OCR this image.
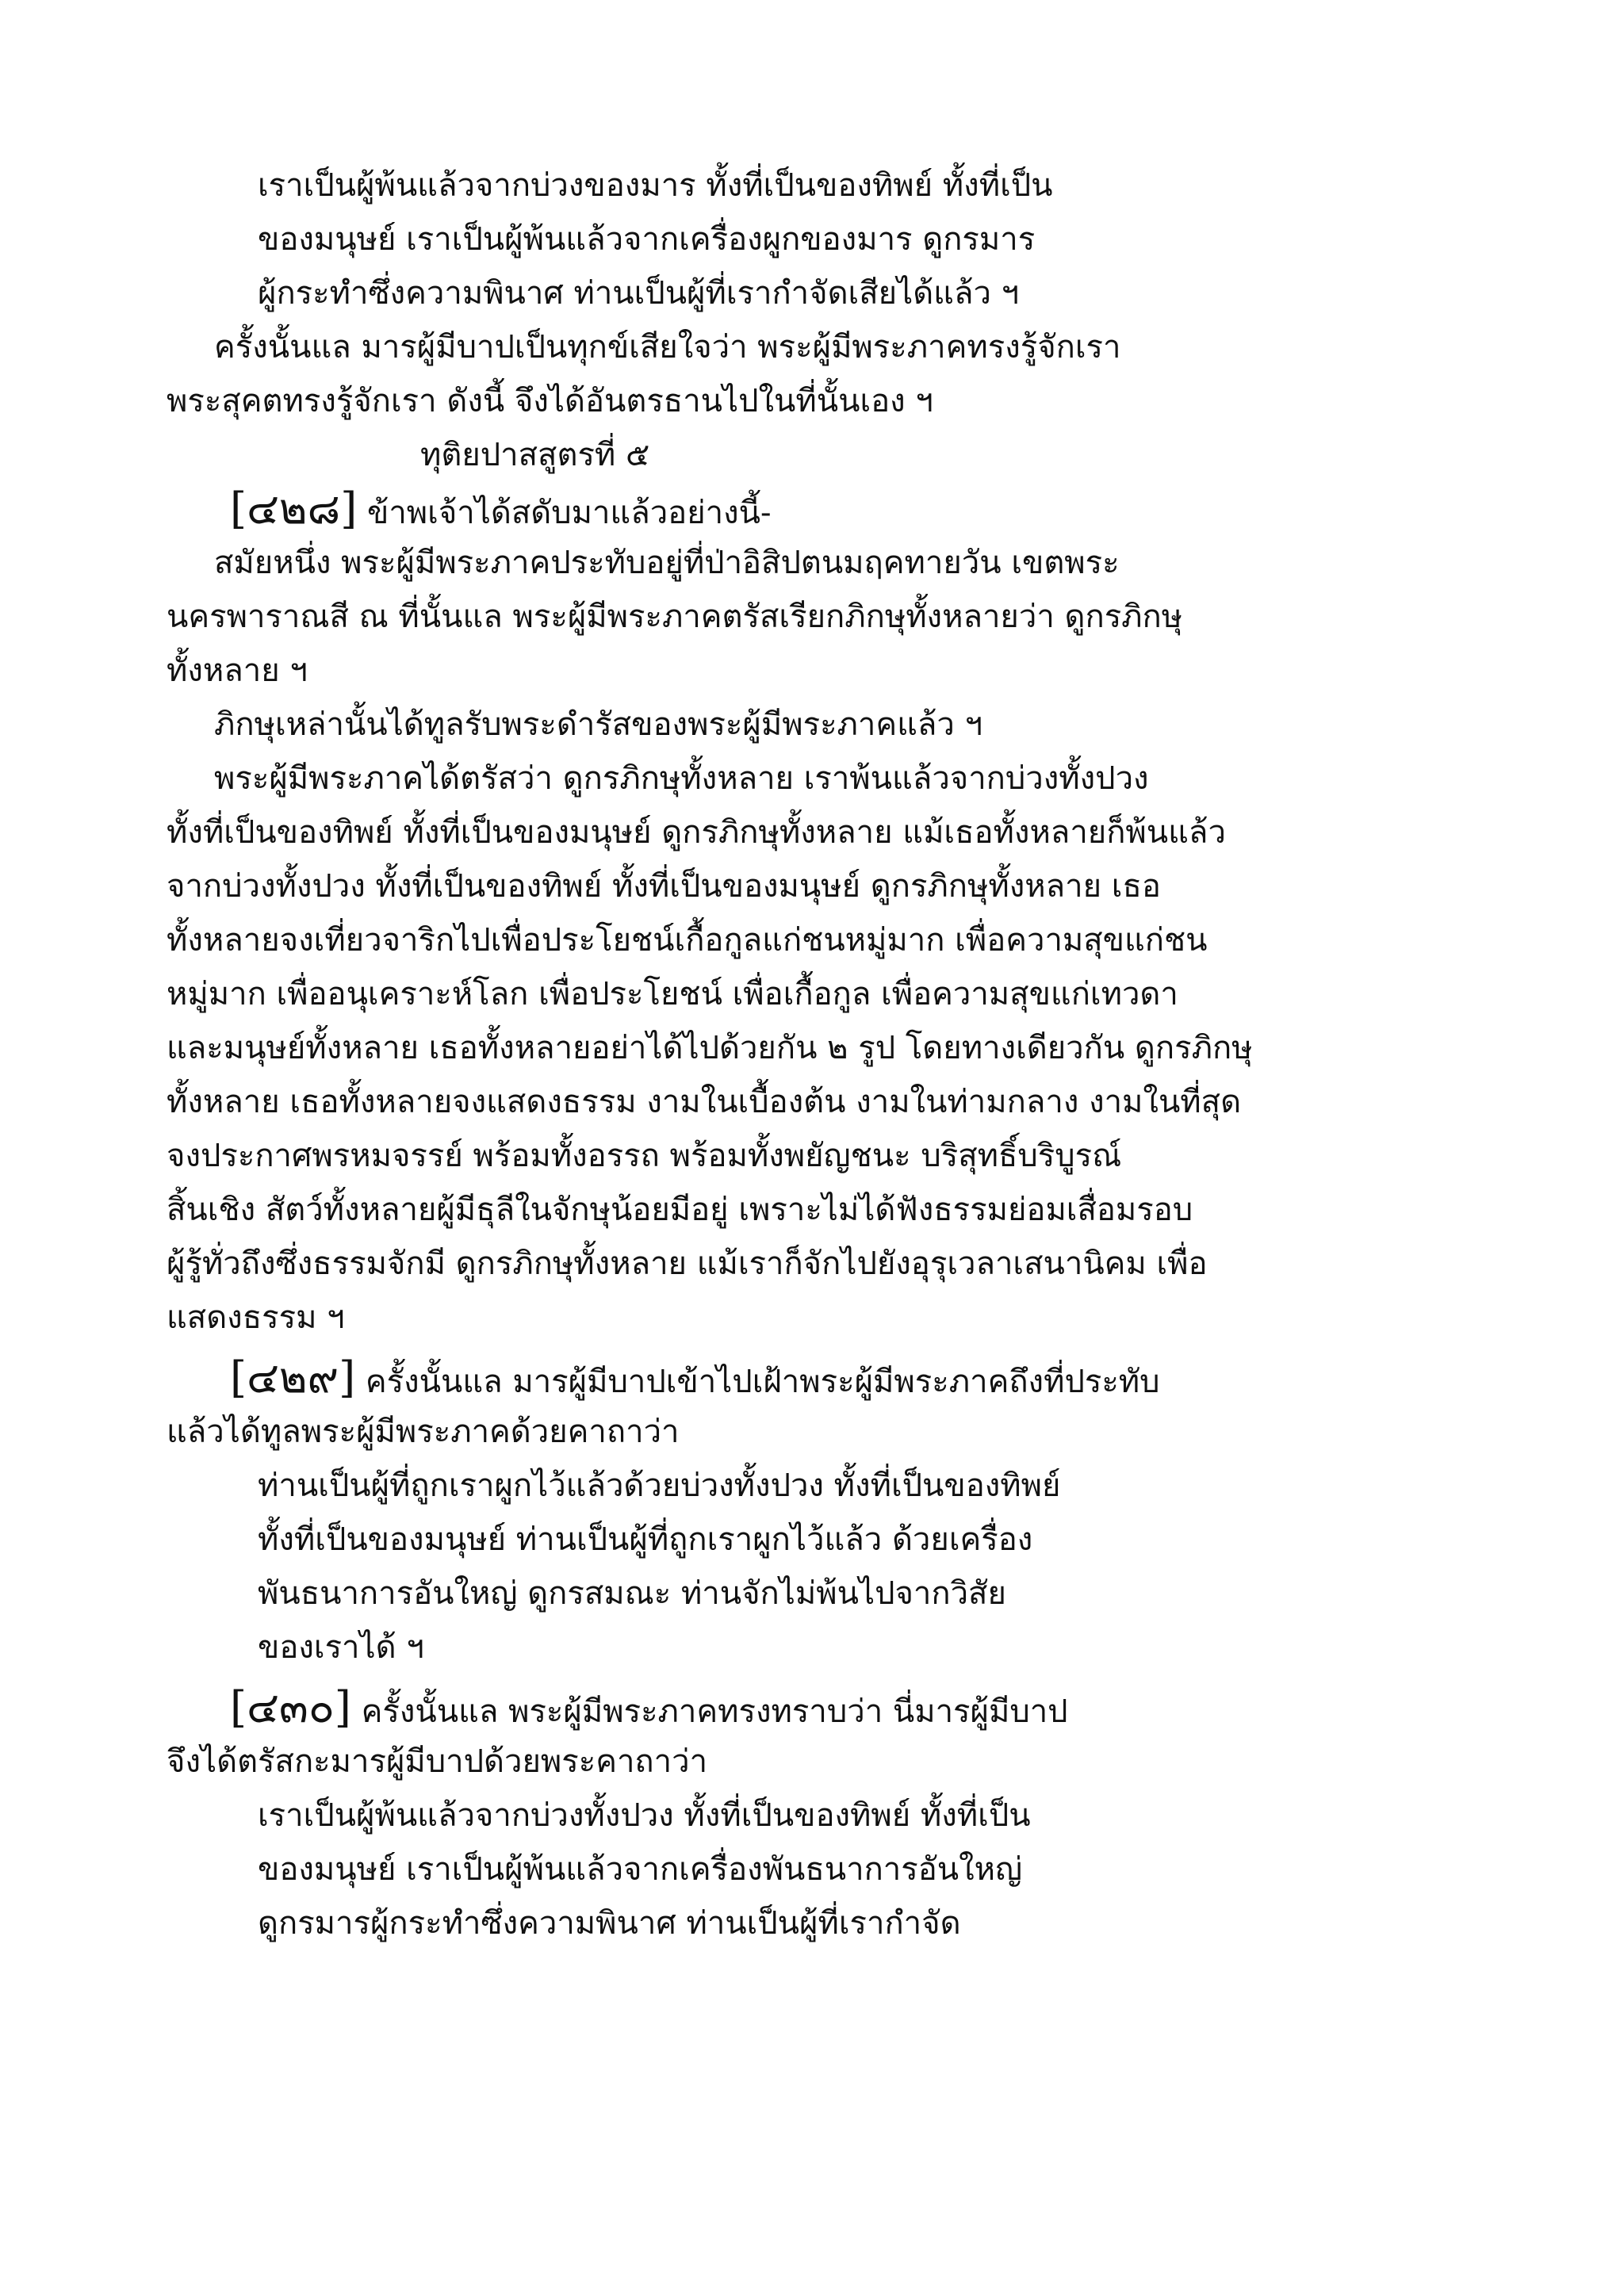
เราเป็นผู้พ้นแล้วจากบ่วงของมาร ทั้งที่เป็นของทิพย์ ทั้งที่เป็น
ของมนุษย์ เราเป็นผู้พ้นแล้วจากเครื่องผูกของมาร ดูกรมาร
ผู้กระทำซึ่งความพินาศ ท่านเป็นผู้ที่เรากำจัดเสียได้แล้ว ฯ
ครั้งนั้นแล มารผู้มีบาปเป็นทุกข์เสียใจว่า พระผู้มีพระภาคทรงรู้จักเรา
พระสุคตทรงรู้จักเรา ดังนี้ จึงได้อันตรธานไปในที่นั้นเอง ฯ
ทุติยปาสสูตรที่ ๕
[๔๒๘] ข้าพเจ้าได้สดับมาแล้วอย่างนี้-
สมัยหนึ่ง พระผู้มีพระภาคประทับอยู่ที่ป่าอิสิปตนมฤคทายวัน เขตพระ
นครพาราณสี ณ ที่นั้นแล พระผู้มีพระภาคตรัสเรียกภิกษุทั้งหลายว่า ดูกรภิกษุ
ทั้งหลาย ฯ
ภิกษุเหล่านั้นได้ทูลรับพระดำรัสของพระผู้มีพระภาคแล้ว ฯ
พระผู้มีพระภาคได้ตรัสว่า ดูกรภิกษุทั้งหลาย เราพ้นแล้วจากบ่วงทั้งปวง
ทั้งที่เป็นของทิพย์ ทั้งที่เป็นของมนุษย์ ดูกรภิกษุทั้งหลาย แม้เธอทั้งหลายก็พ้นแล้ว
จากบ่วงทั้งปวง ทั้งที่เป็นของทิพย์ ทั้งที่เป็นของมนุษย์ ดูกรภิกษุทั้งหลาย เธอ
ทั้งหลายจงเที่ยวจาริกไปเพื่อประโยชน์เกื้อกูลแก่ชนหมู่มาก เพื่อความสุขแก่ชน
หมู่มาก เพื่ออนุเคราะห์โลก เพื่อประโยชน์ เพื่อเกื้อกูล เพื่อความสุขแก่เทวดา
และมนุษย์ทั้งหลาย เธอทั้งหลายอย่าได้ไปด้วยกัน ๒ รูป โดยทางเดียวกัน ดูกรภิกษุ
ทั้งหลาย เธอทั้งหลายจงแสดงธรรม งามในเบื้องต้น งามในท่ามกลาง งามในที่สุด
จงประกาศพรหมจรรย์ พร้อมทั้งอรรถ พร้อมทั้งพยัญชนะ บริสุทธิ์บริบูรณ์
สิ้นเชิง สัตว์ทั้งหลายผู้มีธุลีในจักษุน้อยมีอยู่ เพราะไม่ได้ฟังธรรมย่อมเสื่อมรอบ
ผู้รู้ทั่วถึงซึ่งธรรมจักมี ดูกรภิกษุทั้งหลาย แม้เราก็จักไปยังอุรุเวลาเสนานิคม เพื่อ
แสดงธรรม ฯ
[๔๒๙] ครั้งนั้นแล มารผู้มีบาปเข้าไปเฝ้าพระผู้มีพระภาคถึงที่ประทับ
แล้วได้ทูลพระผู้มีพระภาคด้วยคาถาว่า
ท่านเป็นผู้ที่ถูกเราผูกไว้แล้วด้วยบ่วงทั้งปวง ทั้งที่เป็นของทิพย์
ทั้งที่เป็นของมนุษย์ ท่านเป็นผู้ที่ถูกเราผูกไว้แล้ว ด้วยเครื่อง
พันธนาการอันใหญ่ ดูกรสมณะ ท่านจักไม่พ้นไปจากวิสัย
ของเราได้ ฯ
[๔๓๐] ครั้งนั้นแล พระผู้มีพระภาคทรงทราบว่า นี่มารผู้มีบาป
จึงได้ตรัสกะมารผู้มีบาปด้วยพระคาถาว่า
เราเป็นผู้พ้นแล้วจากบ่วงทั้งปวง ทั้งที่เป็นของทิพย์ ทั้งที่เป็น
ของมนุษย์ เราเป็นผู้พ้นแล้วจากเครื่องพันธนาการอันใหญ่
ดูกรมารผู้กระทำซึ่งความพินาศ ท่านเป็นผู้ที่เรากำจัด
